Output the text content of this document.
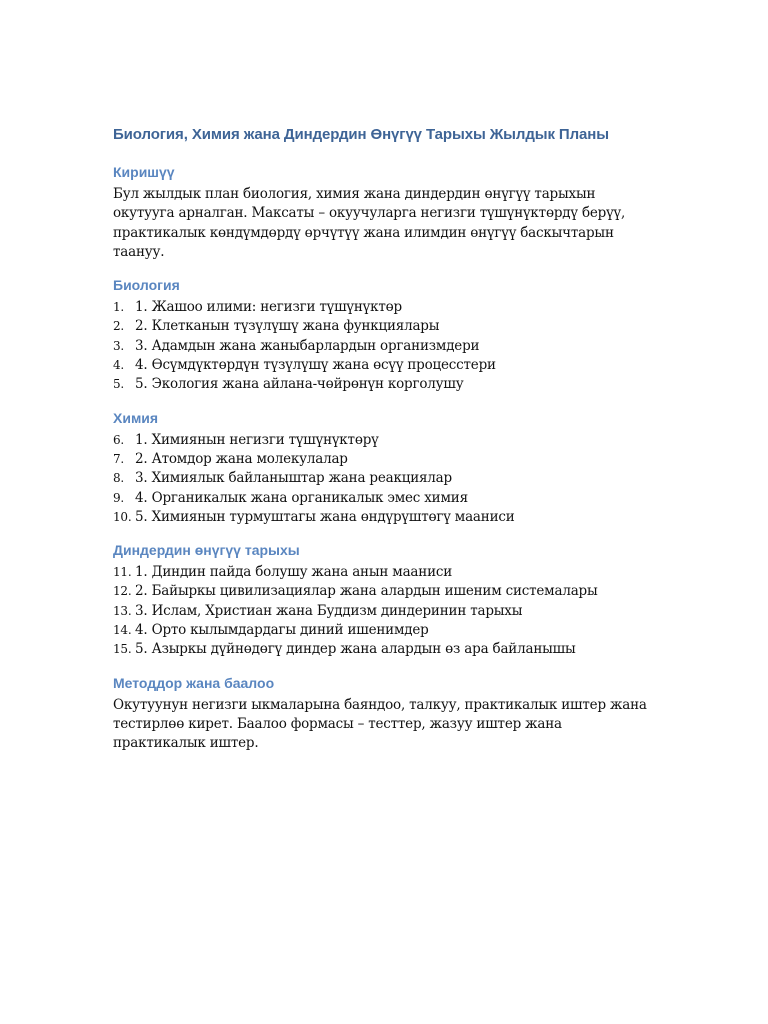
Биология, Химия жана Диндердин Өнүгүү Тарыхы Жылдык Планы
Киришүү

Бул жылдык план биология, химия жана диндердин өнүгүү тарыхын окутууга арналган. Максаты – окуучуларга негизги түшүнүктөрдү берүү, практикалык көндүмдөрдү өрчүтүү жана илимдин өнүгүү баскычтарын таануу.

Биология
1. 1. Жашоо илими: негизги түшүнүктөр
2. 2. Клетканын түзүлүшү жана функциялары
3. 3. Адамдын жана жаныбарлардын организмдери
4. 4. Өсүмдүктөрдүн түзүлүшү жана өсүү процесстери
5. 5. Экология жана айлана-чөйрөнүн корголушу
Химия
6. 1. Химиянын негизги түшүнүктөрү
7. 2. Атомдор жана молекулалар
8. 3. Химиялык байланыштар жана реакциялар
9. 4. Органикалык жана органикалык эмес химия
10. 5. Химиянын турмуштагы жана өндүрүштөгү мааниси
Диндердин өнүгүү тарыхы
11. 1. Диндин пайда болушу жана анын мааниси
12. 2. Байыркы цивилизациялар жана алардын ишеним системалары
13. 3. Ислам, Христиан жана Буддизм диндеринин тарыхы
14. 4. Орто кылымдардагы диний ишенимдер
15. 5. Азыркы дүйнөдөгү диндер жана алардын өз ара байланышы
Методдор жана баалоо

Окутуунун негизги ыкмаларына баяндоо, талкуу, практикалык иштер жана тестирлөө кирет. Баалоо формасы – тесттер, жазуу иштер жана практикалык иштер.
